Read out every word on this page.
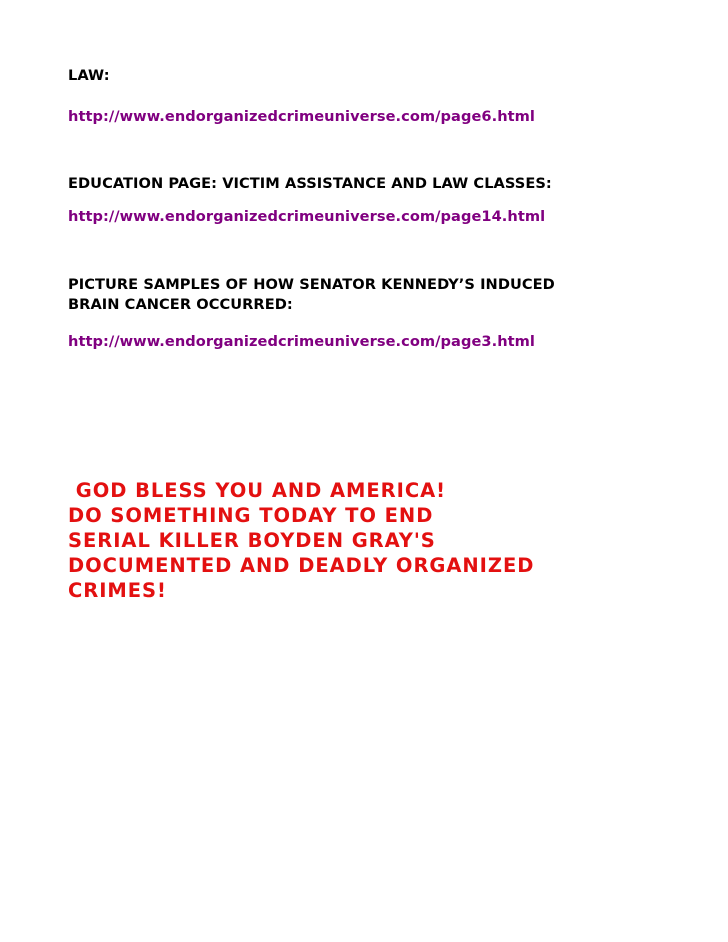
LAW:

http://www.endorganizedcrimeuniverse.com/page6.html

EDUCATION PAGE: VICTIM ASSISTANCE AND LAW CLASSES:

http://www.endorganizedcrimeuniverse.com/page14.html

PICTURE SAMPLES OF HOW SENATOR KENNEDY’S INDUCED

BRAIN CANCER OCCURRED:

http://www.endorganizedcrimeuniverse.com/page3.html

GOD BLESS YOU AND AMERICA!

DO SOMETHING TODAY TO END

SERIAL KILLER BOYDEN GRAY'S

DOCUMENTED AND DEADLY ORGANIZED

CRIMES!
